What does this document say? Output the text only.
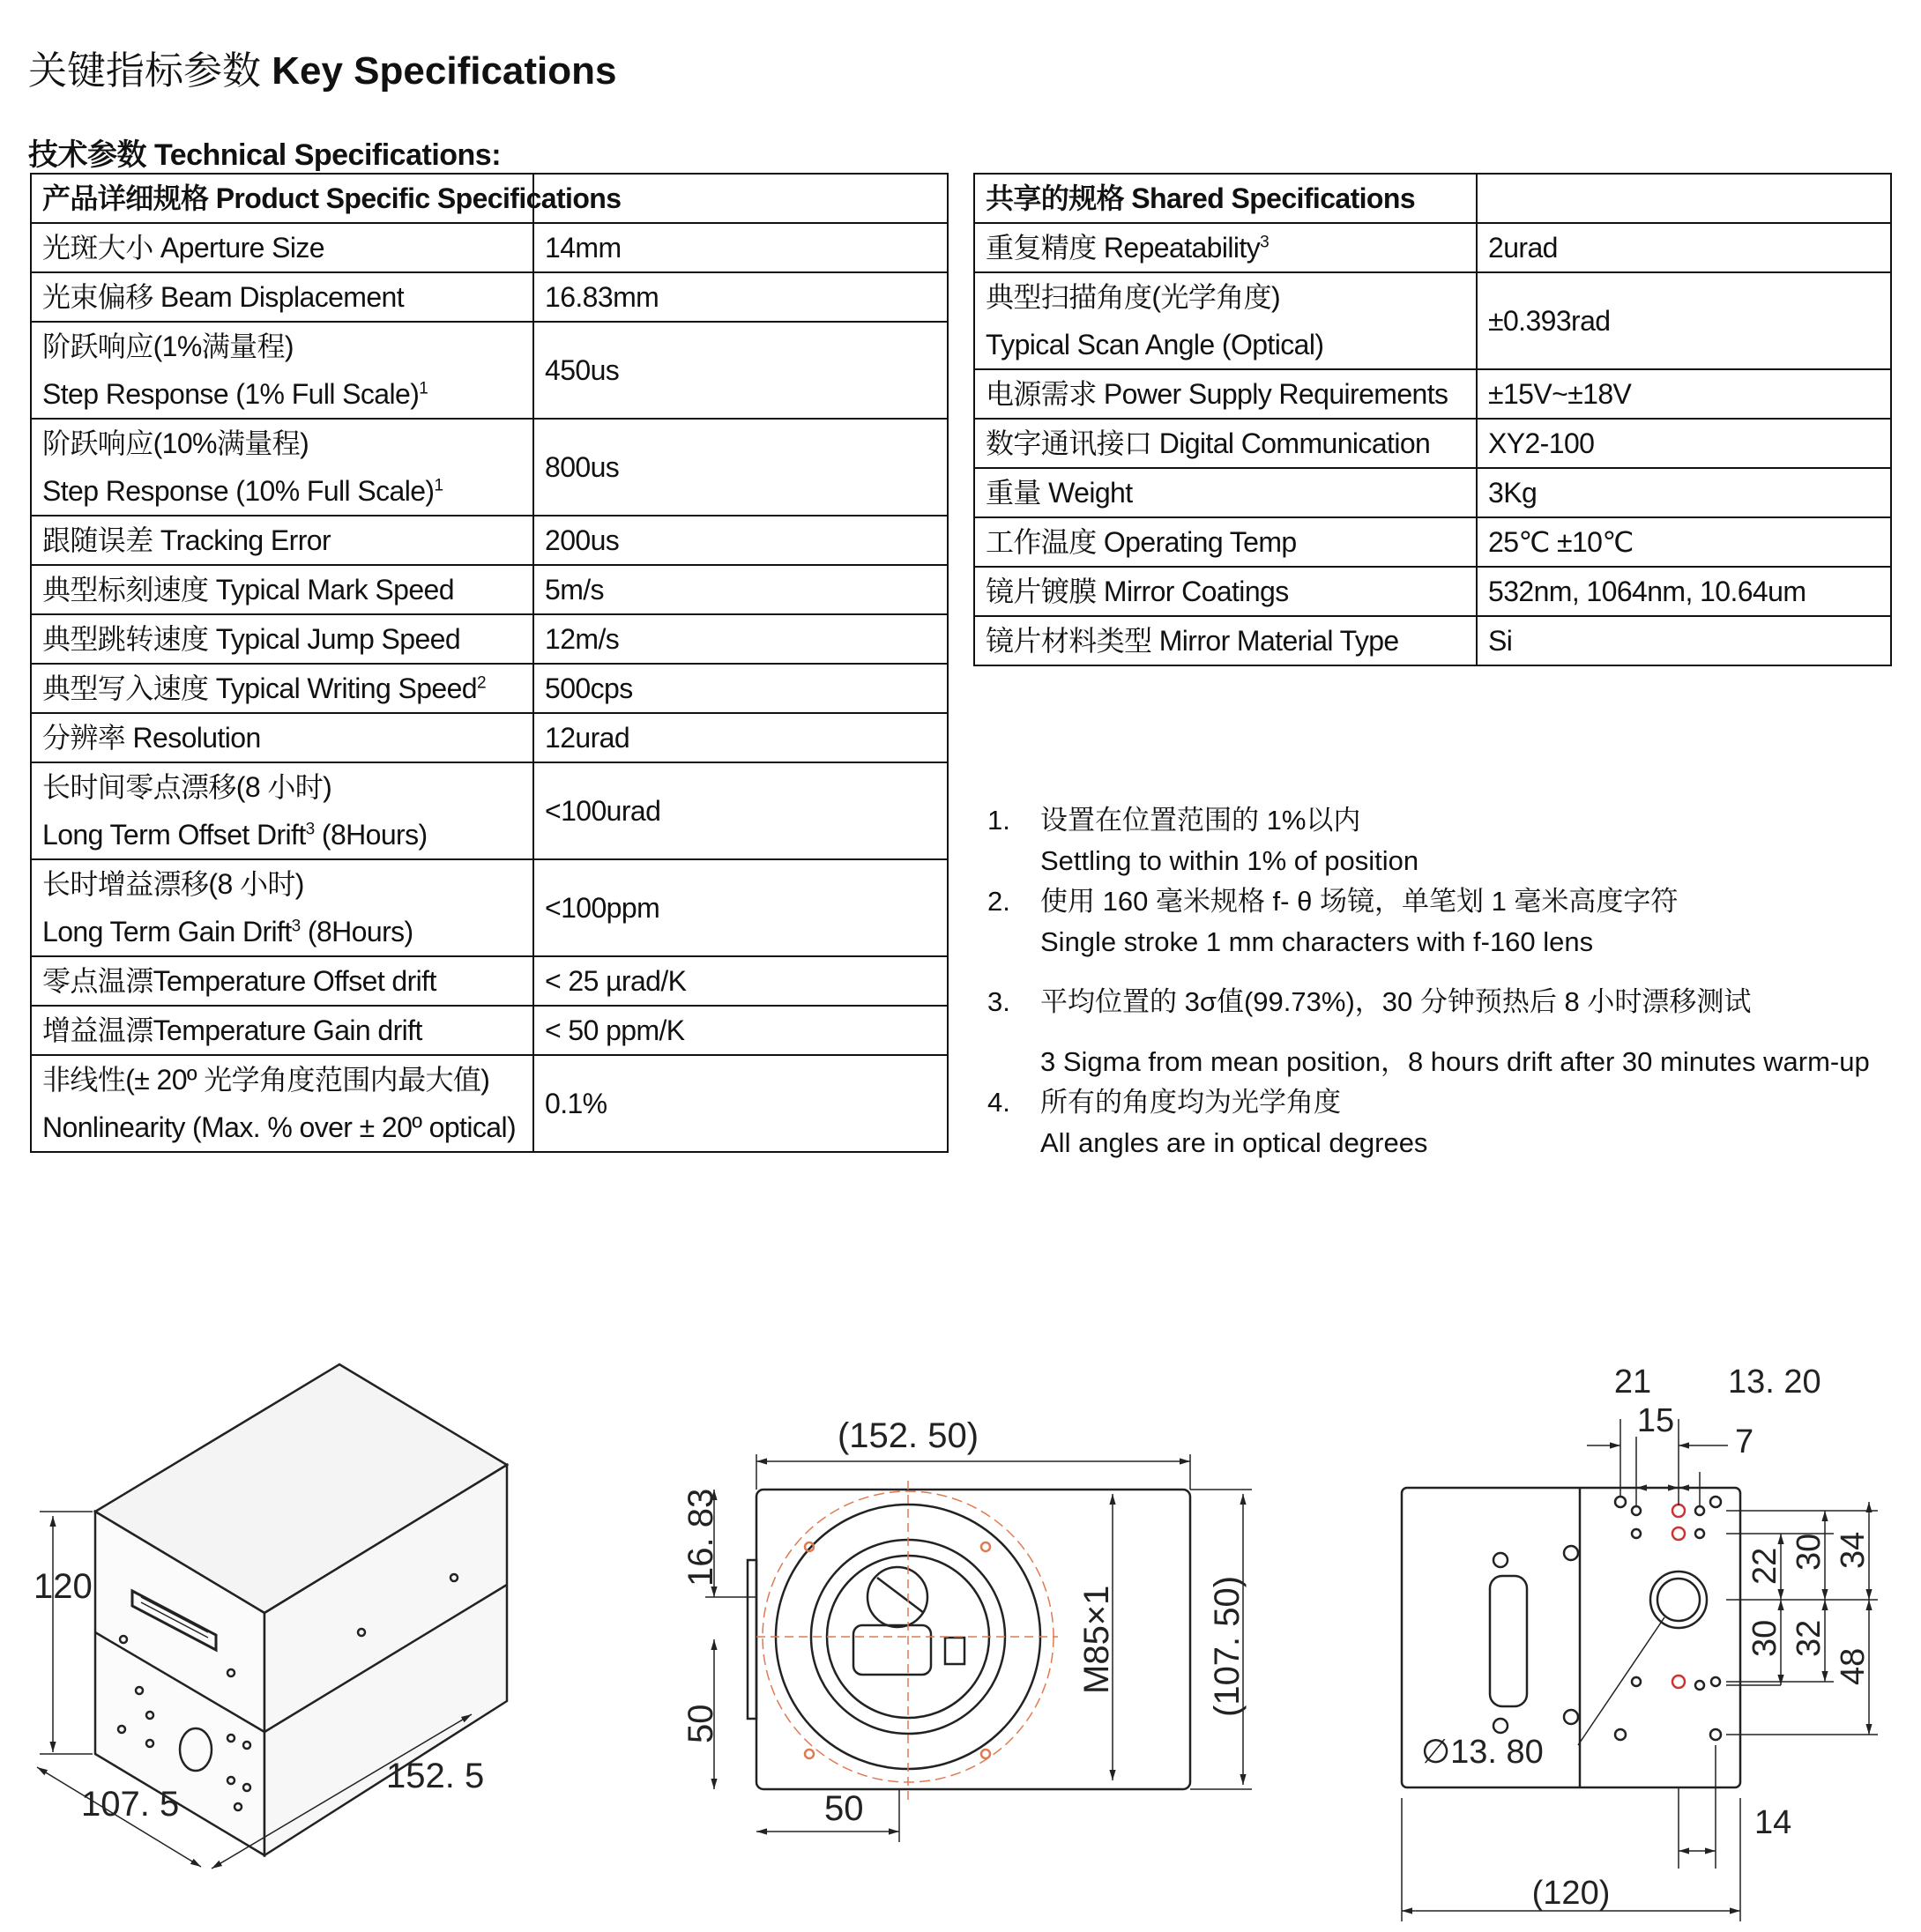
关键指标参数 Key Specifications
技术参数 Technical Specifications:
产品详细规格 Product Specific Specifications	

光斑大小 Aperture Size	14mm

光束偏移 Beam Displacement	16.83mm

阶跃响应(1%满量程)
Step Response (1% Full Scale)$^1$	450us

阶跃响应(10%满量程)
Step Response (10% Full Scale)$^1$	800us

跟随误差 Tracking Error	200us

典型标刻速度 Typical Mark Speed	5m/s

典型跳转速度 Typical Jump Speed	12m/s

典型写入速度 Typical Writing Speed$^2$	500cps

分辨率 Resolution	12urad

长时间零点漂移(8 小时)
Long Term Offset Drift$^3$ (8Hours)	<100urad

长时增益漂移(8 小时)
Long Term Gain Drift$^3$ (8Hours)	<100ppm

零点温漂Temperature Offset drift	< 25 µrad/K

增益温漂Temperature Gain drift	< 50 ppm/K

非线性(± 20º 光学角度范围内最大值)
Nonlinearity (Max. % over ± 20º optical)	0.1%
共享的规格 Shared Specifications	

重复精度 Repeatability$^3$	2urad

典型扫描角度(光学角度)
Typical Scan Angle (Optical)	±0.393rad

电源需求 Power Supply Requirements	±15V~±18V

数字通讯接口 Digital Communication	XY2-100

重量 Weight	3Kg

工作温度 Operating Temp	25℃ ±10℃

镜片镀膜 Mirror Coatings	532nm, 1064nm, 10.64um

镜片材料类型 Mirror Material Type	Si
1. 设置在位置范围的 1%以内
Settling to within 1% of position
2. 使用 160 毫米规格 f- θ 场镜，单笔划 1 毫米高度字符
Single stroke 1 mm characters with f-160 lens
3. 平均位置的 3σ值(99.73%)，30 分钟预热后 8 小时漂移测试
3 Sigma from mean position，8 hours drift after 30 minutes warm-up
4. 所有的角度均为光学角度
All angles are in optical degrees
120
107. 5
152. 5
(152. 50)
16. 83
50
50
M85×1	(107. 50)
21 13. 20
15
7
22 30 34
30 32
48
∅13. 80
14
(120)
